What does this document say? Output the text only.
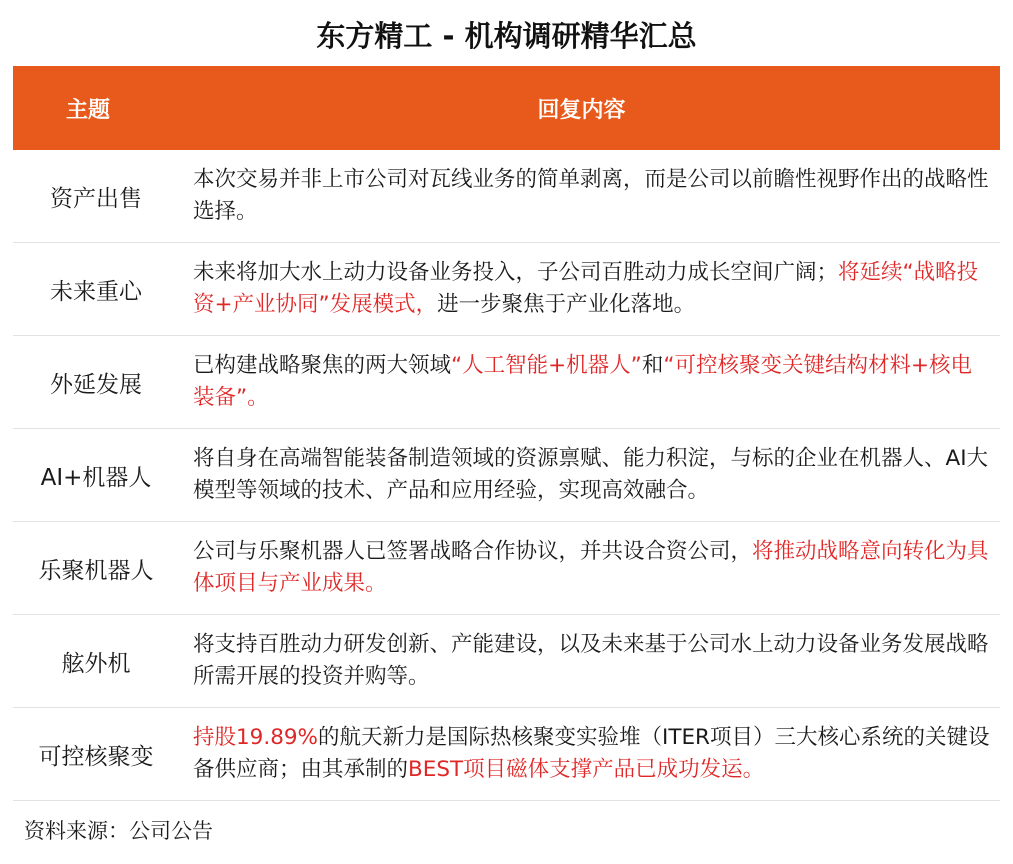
东方精工 - 机构调研精华汇总
主题	回复内容
资产出售
本次交易并非上市公司对瓦线业务的简单剥离，而是公司以前瞻性视野作出的战略性选择。
未来重心
未来将加大水上动力设备业务投入，子公司百胜动力成长空间广阔；将延续“战略投资+产业协同”发展模式，进一步聚焦于产业化落地。
外延发展
已构建战略聚焦的两大领域“人工智能+机器人”和“可控核聚变关键结构材料+核电装备”。
AI+机器人
将自身在高端智能装备制造领域的资源禀赋、能力积淀，与标的企业在机器人、AI大模型等领域的技术、产品和应用经验，实现高效融合。
乐聚机器人
公司与乐聚机器人已签署战略合作协议，并共设合资公司，将推动战略意向转化为具体项目与产业成果。
舷外机
将支持百胜动力研发创新、产能建设，以及未来基于公司水上动力设备业务发展战略所需开展的投资并购等。
可控核聚变
持股19.89%的航天新力是国际热核聚变实验堆（ITER项目）三大核心系统的关键设备供应商；由其承制的BEST项目磁体支撑产品已成功发运。
资料来源：公司公告
